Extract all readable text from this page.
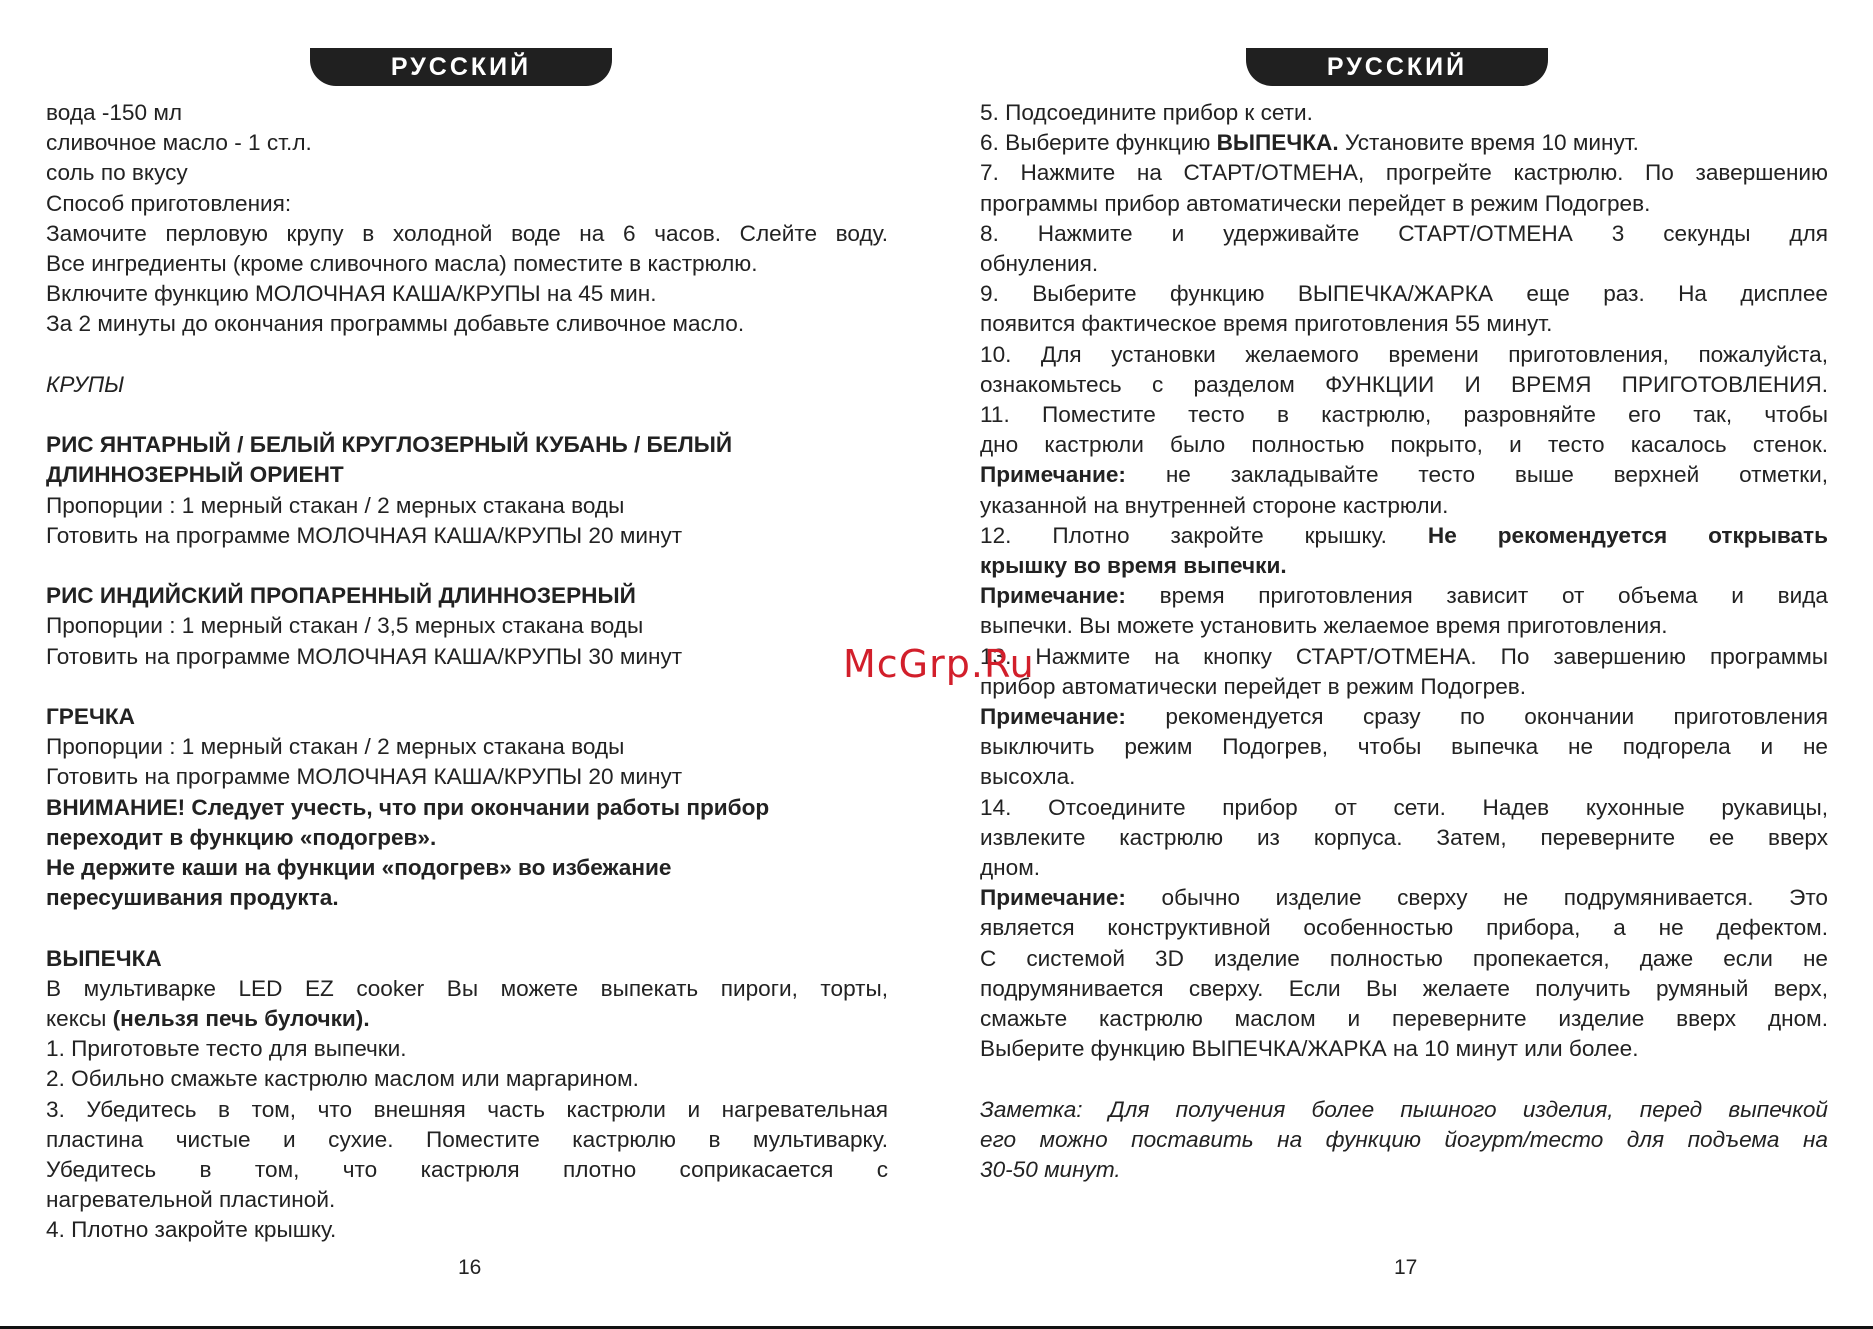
РУССКИЙ

вода -150 мл

сливочное масло - 1 ст.л.

соль по вкусу

Способ приготовления:

Замочите перловую крупу в холодной воде на 6 часов. Слейте воду.

Все ингредиенты (кроме сливочного масла) поместите в кастрюлю.

Включите функцию МОЛОЧНАЯ КАША/КРУПЫ на 45 мин.

За 2 минуты до окончания программы добавьте сливочное масло.

КРУПЫ

РИС ЯНТАРНЫЙ / БЕЛЫЙ КРУГЛОЗЕРНЫЙ КУБАНЬ / БЕЛЫЙ

ДЛИННОЗЕРНЫЙ ОРИЕНТ

Пропорции : 1 мерный стакан / 2 мерных стакана воды

Готовить на программе МОЛОЧНАЯ КАША/КРУПЫ 20 минут

РИС ИНДИЙСКИЙ ПРОПАРЕННЫЙ ДЛИННОЗЕРНЫЙ

Пропорции : 1 мерный стакан / 3,5 мерных стакана воды

Готовить на программе МОЛОЧНАЯ КАША/КРУПЫ 30 минут

ГРЕЧКА

Пропорции : 1 мерный стакан / 2 мерных стакана воды

Готовить на программе МОЛОЧНАЯ КАША/КРУПЫ 20 минут

ВНИМАНИЕ! Следует учесть, что при окончании работы прибор

переходит в функцию «подогрев».

Не держите каши на функции «подогрев» во избежание

пересушивания продукта.

ВЫПЕЧКА

В мультиварке LED EZ cooker Вы можете выпекать пироги, торты,

кексы (нельзя печь булочки).

1. Приготовьте тесто для выпечки.

2. Обильно смажьте кастрюлю маслом или маргарином.

3. Убедитесь в том, что внешняя часть кастрюли и нагревательная

пластина чистые и сухие. Поместите кастрюлю в мультиварку.

Убедитесь в том, что кастрюля плотно соприкасается с

нагревательной пластиной.

4. Плотно закройте крышку.

16
РУССКИЙ

5. Подсоедините прибор к сети.

6. Выберите функцию ВЫПЕЧКА. Установите время 10 минут.

7. Нажмите на СТАРТ/ОТМЕНА, прогрейте кастрюлю. По завершению

программы прибор автоматически перейдет в режим Подогрев.

8. Нажмите и удерживайте СТАРТ/ОТМЕНА 3 секунды для

обнуления.

9. Выберите функцию ВЫПЕЧКА/ЖАРКА еще раз. На дисплее

появится фактическое время приготовления 55 минут.

10. Для установки желаемого времени приготовления, пожалуйста,

ознакомьтесь с разделом ФУНКЦИИ И ВРЕМЯ ПРИГОТОВЛЕНИЯ.

11. Поместите тесто в кастрюлю, разровняйте его так, чтобы

дно кастрюли было полностью покрыто, и тесто касалось стенок.

Примечание: не закладывайте тесто выше верхней отметки,

указанной на внутренней стороне кастрюли.

12. Плотно закройте крышку. Не рекомендуется открывать

крышку во время выпечки.

Примечание: время приготовления зависит от объема и вида

выпечки. Вы можете установить желаемое время приготовления.

13. Нажмите на кнопку СТАРТ/ОТМЕНА. По завершению программы

прибор автоматически перейдет в режим Подогрев.

Примечание: рекомендуется сразу по окончании приготовления

выключить режим Подогрев, чтобы выпечка не подгорела и не

высохла.

14. Отсоедините прибор от сети. Надев кухонные рукавицы,

извлеките кастрюлю из корпуса. Затем, переверните ее вверх

дном.

Примечание: обычно изделие сверху не подрумянивается. Это

является конструктивной особенностью прибора, а не дефектом.

С системой 3D изделие полностью пропекается, даже если не

подрумянивается сверху. Если Вы желаете получить румяный верх,

смажьте кастрюлю маслом и переверните изделие вверх дном.

Выберите функцию ВЫПЕЧКА/ЖАРКА на 10 минут или более.

Заметка: Для получения более пышного изделия, перед выпечкой

его можно поставить на функцию йогурт/тесто для подъема на

30-50 минут.

17
McGrp.Ru
